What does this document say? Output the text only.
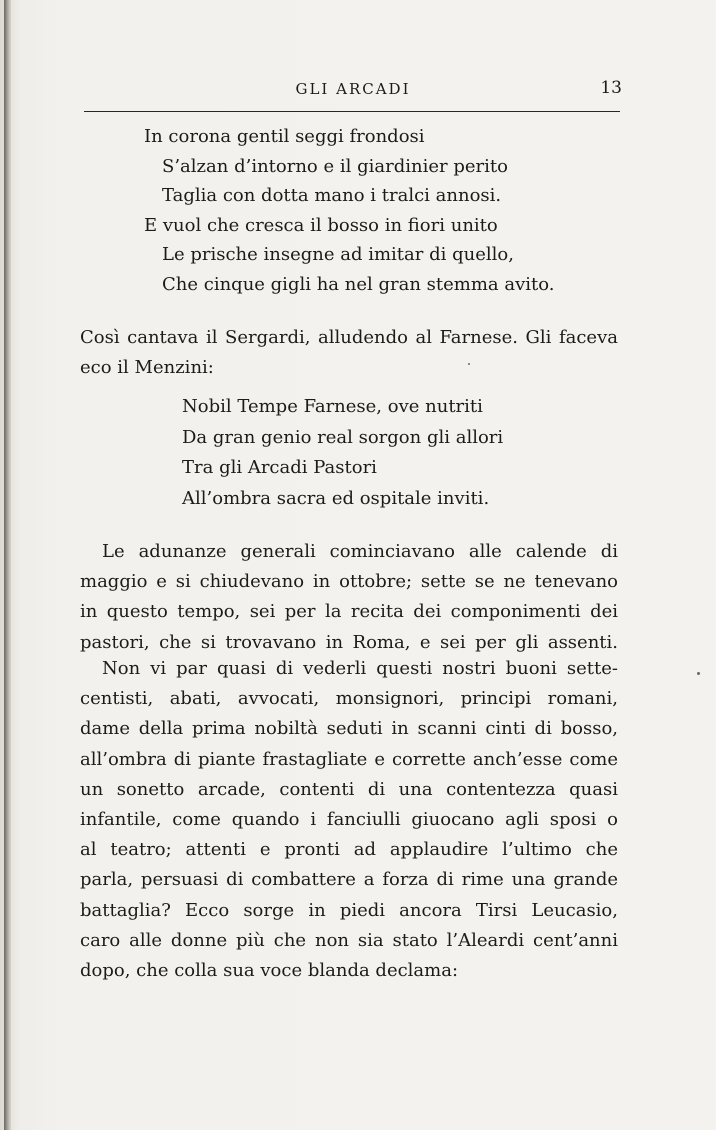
GLI ARCADI	13
In corona gentil seggi frondosi
S’alzan d’intorno e il giardinier perito
Taglia con dotta mano i tralci annosi.
E vuol che cresca il bosso in fiori unito
Le prische insegne ad imitar di quello,
Che cinque gigli ha nel gran stemma avito.
Così cantava il Sergardi, alludendo al Farnese. Gli faceva
eco il Menzini:
Nobil Tempe Farnese, ove nutriti
Da gran genio real sorgon gli allori
Tra gli Arcadi Pastori
All’ombra sacra ed ospitale inviti.
Le adunanze generali cominciavano alle calende di
maggio e si chiudevano in ottobre; sette se ne tenevano
in questo tempo, sei per la recita dei componimenti dei
pastori, che si trovavano in Roma, e sei per gli assenti.
Non vi par quasi di vederli questi nostri buoni sette-
centisti, abati, avvocati, monsignori, principi romani,
dame della prima nobiltà seduti in scanni cinti di bosso,
all’ombra di piante frastagliate e corrette anch’esse come
un sonetto arcade, contenti di una contentezza quasi
infantile, come quando i fanciulli giuocano agli sposi o
al teatro; attenti e pronti ad applaudire l’ultimo che
parla, persuasi di combattere a forza di rime una grande
battaglia? Ecco sorge in piedi ancora Tirsi Leucasio,
caro alle donne più che non sia stato l’Aleardi cent’anni
dopo, che colla sua voce blanda declama:
